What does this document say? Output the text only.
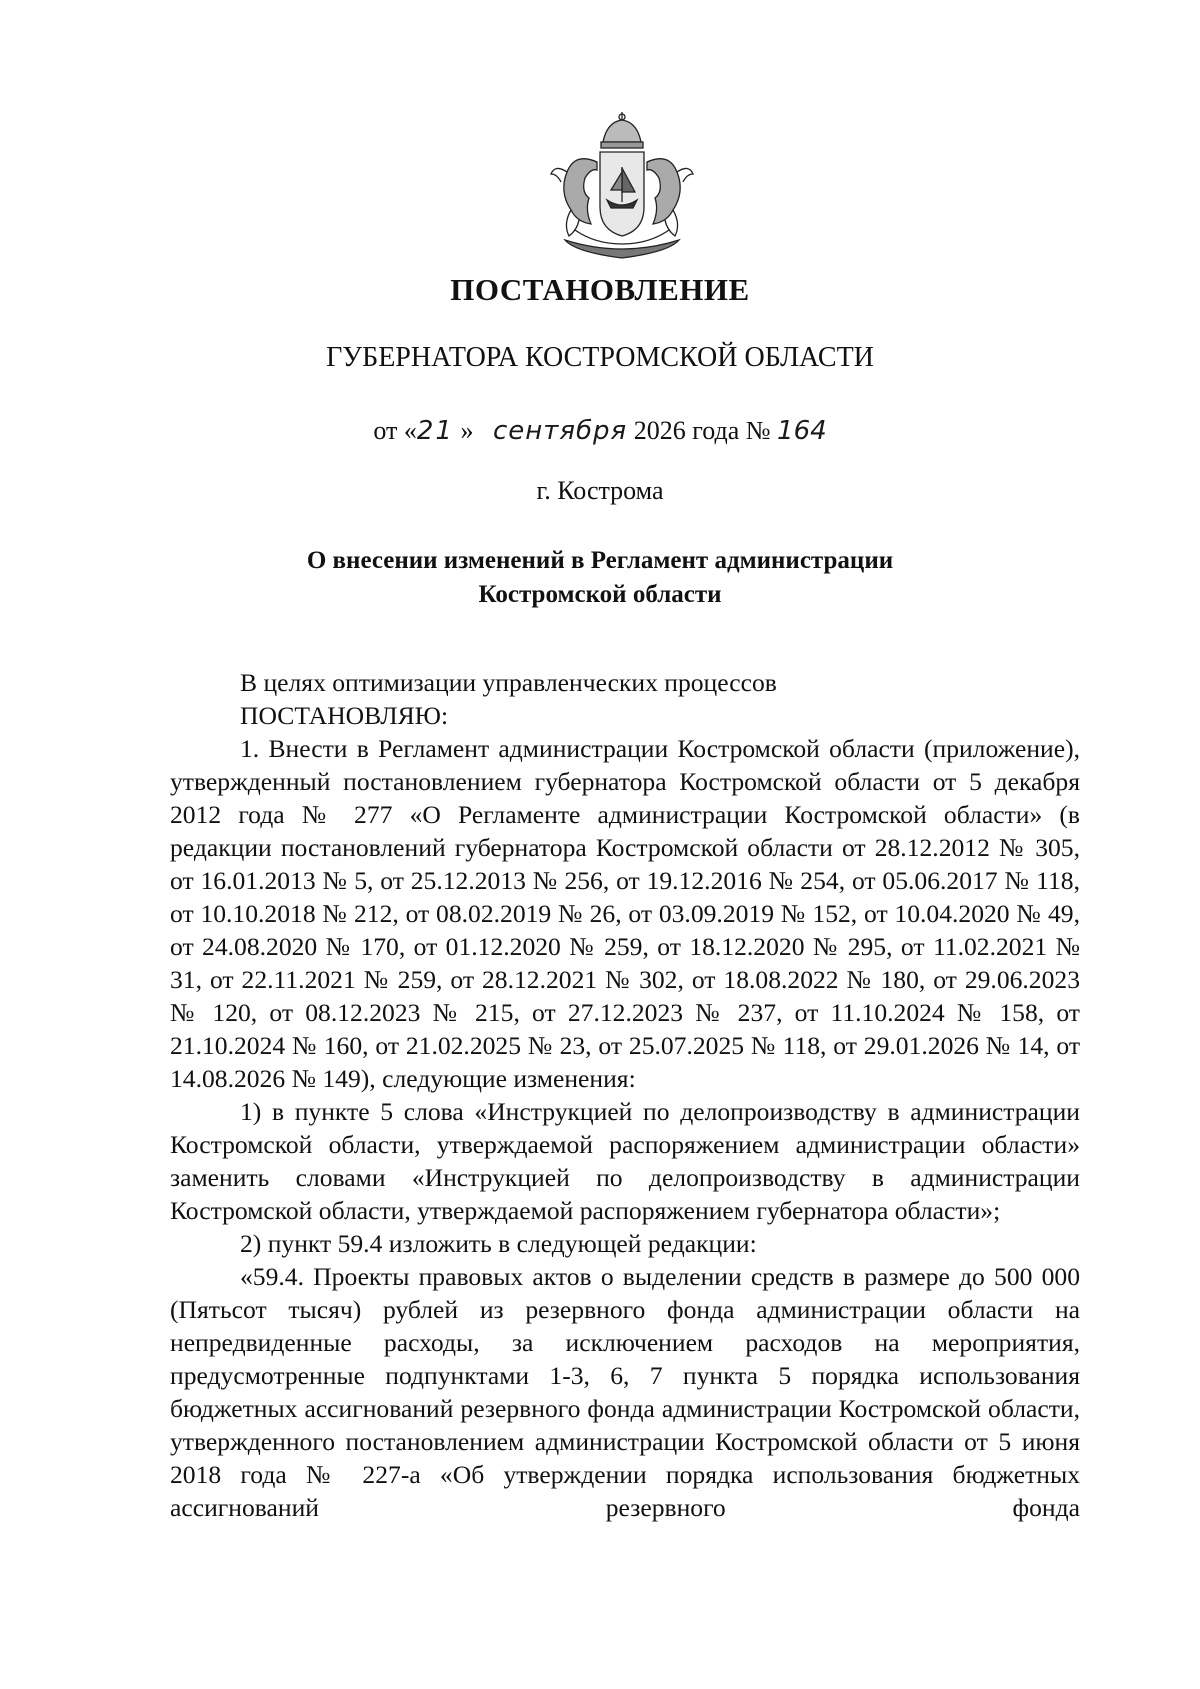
ПОСТАНОВЛЕНИЕ
ГУБЕРНАТОРА КОСТРОМСКОЙ ОБЛАСТИ
от «21 » сентября 2026 года № 164
г. Кострома
О внесении изменений в Регламент администрации
Костромской области

В целях оптимизации управленческих процессов

ПОСТАНОВЛЯЮ:

1. Внести в Регламент администрации Костромской области (приложение), утвержденный постановлением губернатора Костромской области от 5 декабря 2012 года № 277 «О Регламенте администрации Костромской области» (в редакции постановлений губернатора Костромской области от 28.12.2012 № 305, от 16.01.2013 № 5, от 25.12.2013 № 256, от 19.12.2016 № 254, от 05.06.2017 № 118, от 10.10.2018 № 212, от 08.02.2019 № 26, от 03.09.2019 № 152, от 10.04.2020 № 49, от 24.08.2020 № 170, от 01.12.2020 № 259, от 18.12.2020 № 295, от 11.02.2021 № 31, от 22.11.2021 № 259, от 28.12.2021 № 302, от 18.08.2022 № 180, от 29.06.2023 № 120, от 08.12.2023 № 215, от 27.12.2023 № 237, от 11.10.2024 № 158, от 21.10.2024 № 160, от 21.02.2025 № 23, от 25.07.2025 № 118, от 29.01.2026 № 14, от 14.08.2026 № 149), следующие изменения:

1) в пункте 5 слова «Инструкцией по делопроизводству в администрации Костромской области, утверждаемой распоряжением администрации области» заменить словами «Инструкцией по делопроизводству в администрации Костромской области, утверждаемой распоряжением губернатора области»;

2) пункт 59.4 изложить в следующей редакции:

«59.4. Проекты правовых актов о выделении средств в размере до 500 000 (Пятьсот тысяч) рублей из резервного фонда администрации области на непредвиденные расходы, за исключением расходов на мероприятия, предусмотренные подпунктами 1-3, 6, 7 пункта 5 порядка использования бюджетных ассигнований резервного фонда администрации Костромской области, утвержденного постановлением администрации Костромской области от 5 июня 2018 года № 227-а «Об утверждении порядка использования бюджетных ассигнований резервного фонда
